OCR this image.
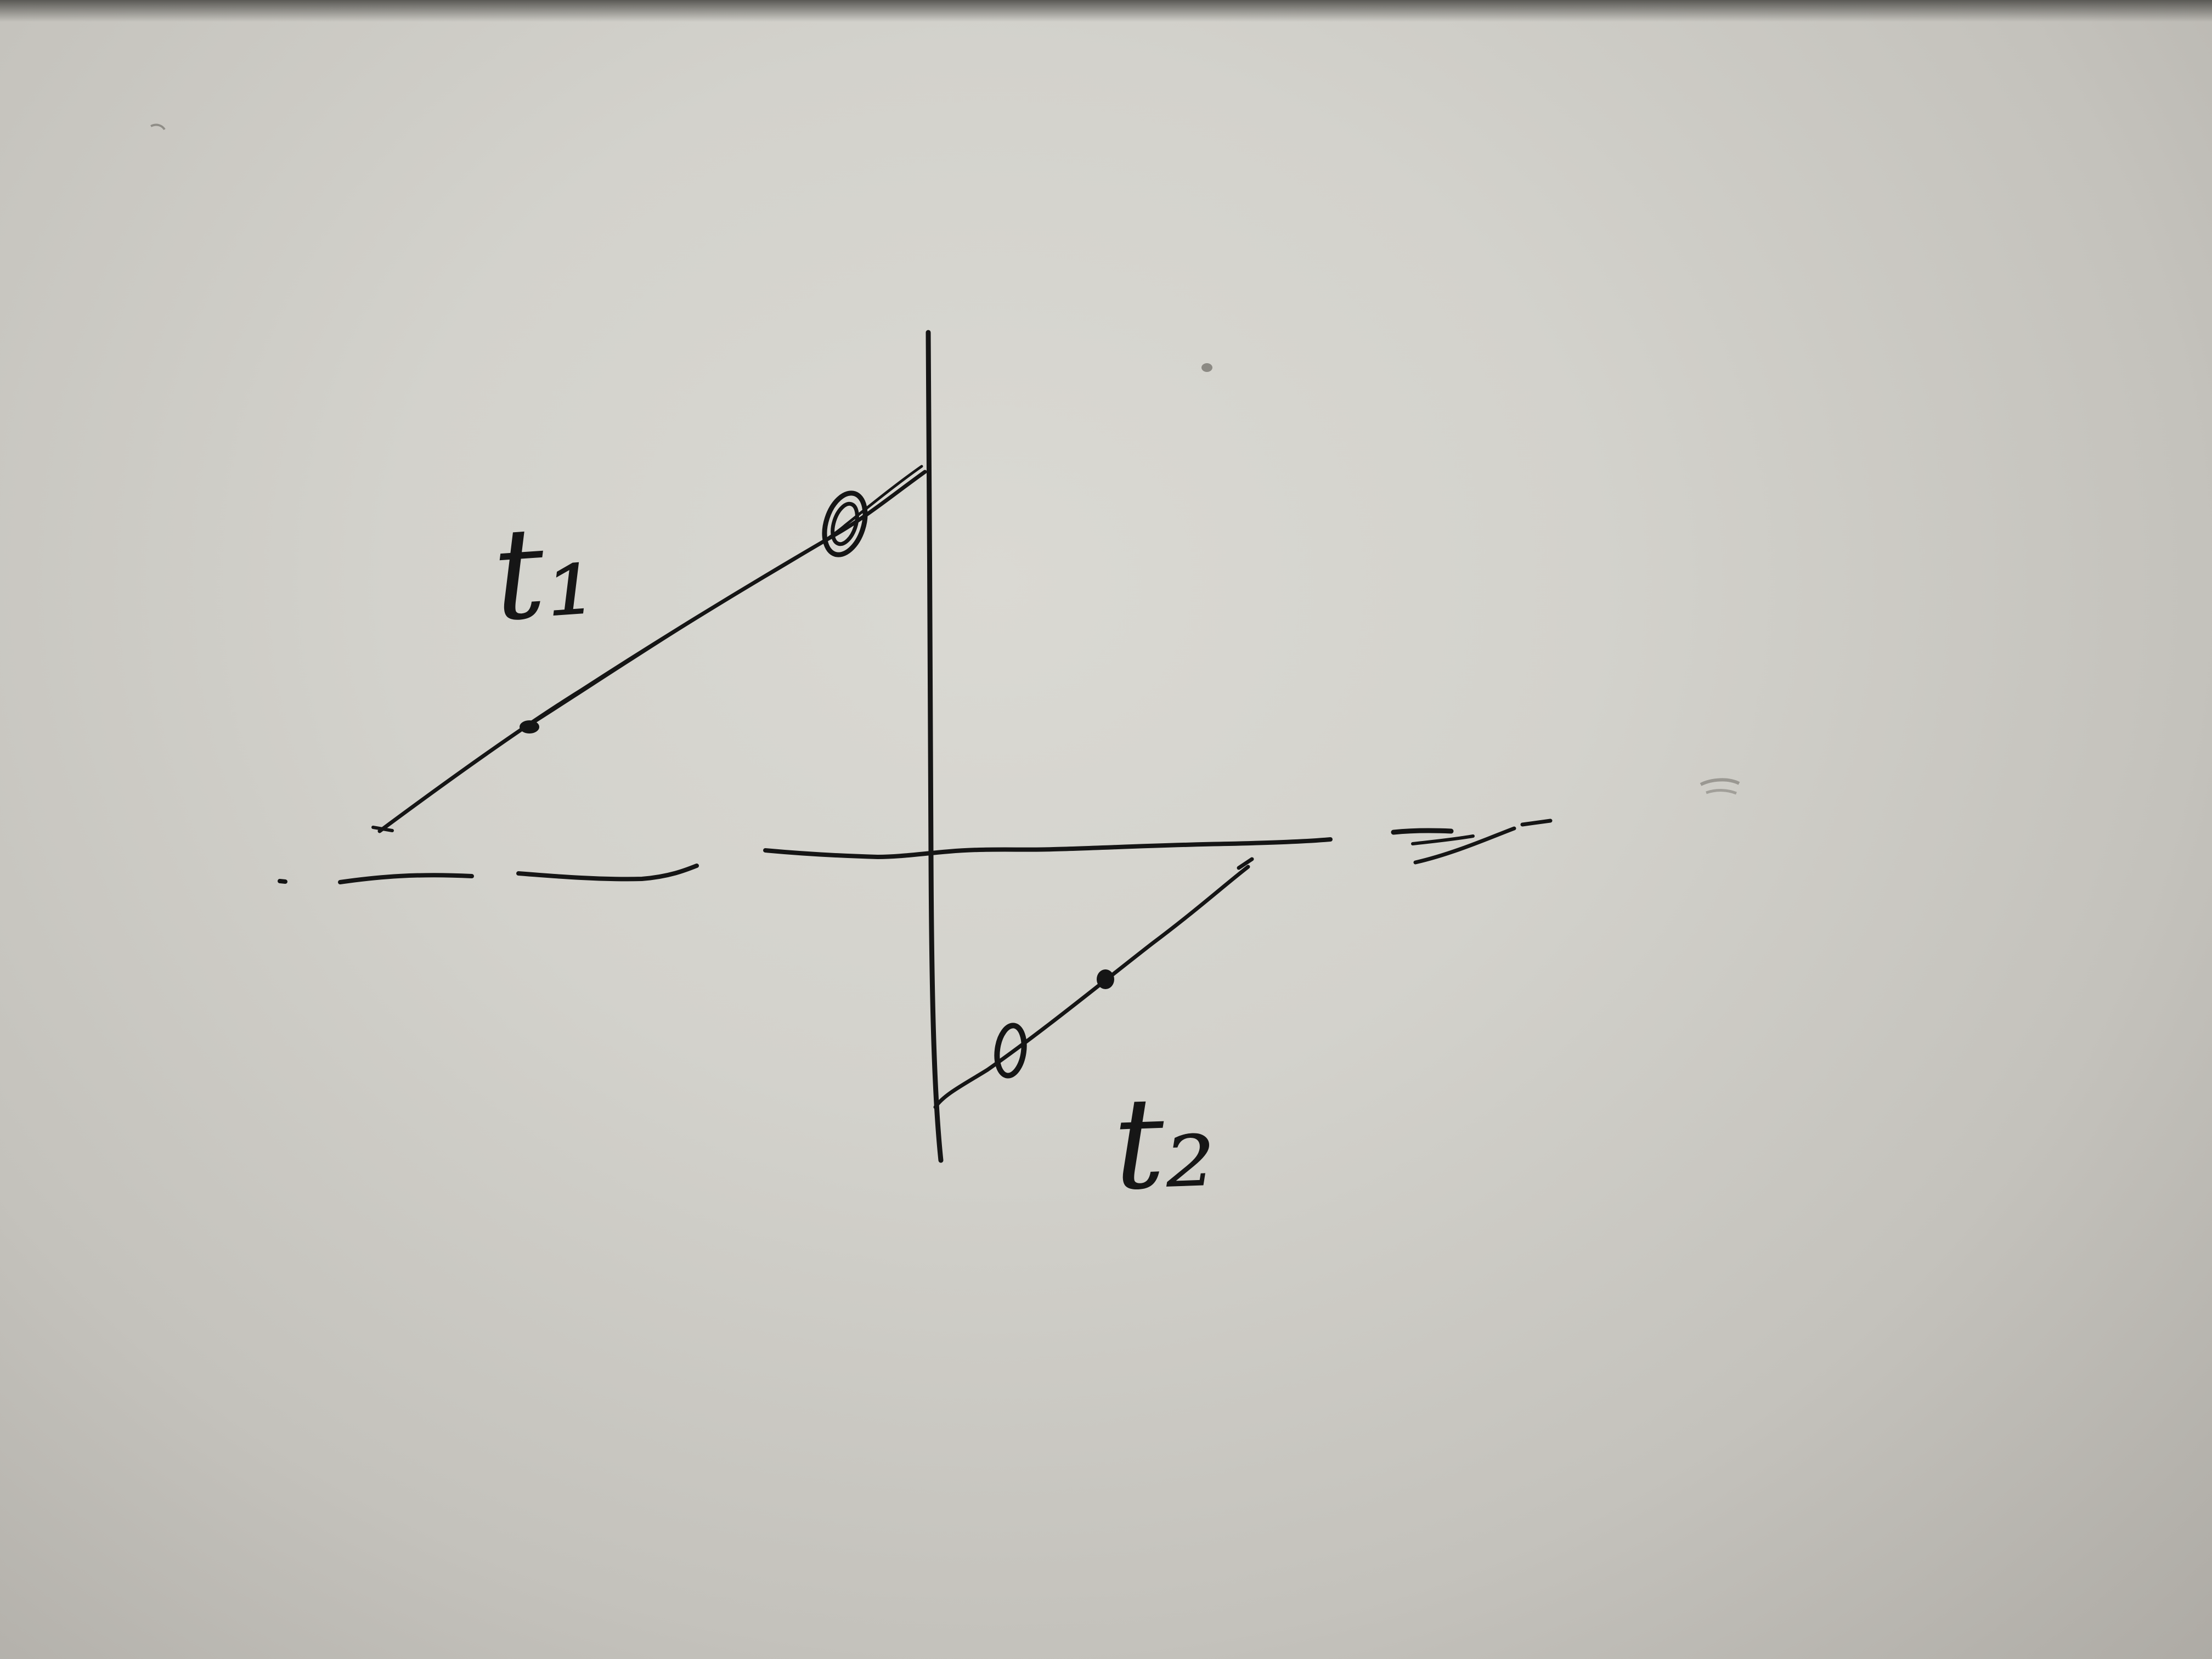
t₁
t₂
